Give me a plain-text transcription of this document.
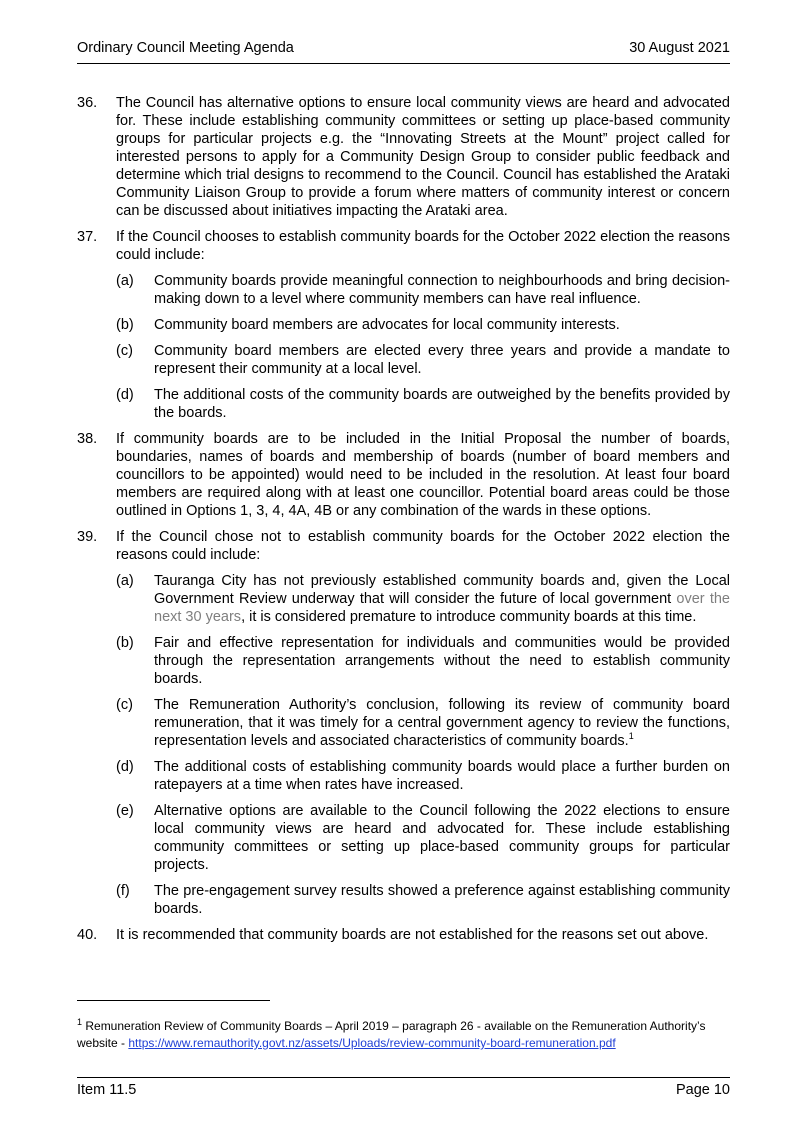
Ordinary Council Meeting Agenda	30 August 2021
36.	The Council has alternative options to ensure local community views are heard and advocated for. These include establishing community committees or setting up place-based community groups for particular projects e.g. the “Innovating Streets at the Mount” project called for interested persons to apply for a Community Design Group to consider public feedback and determine which trial designs to recommend to the Council. Council has established the Arataki Community Liaison Group to provide a forum where matters of community interest or concern can be discussed about initiatives impacting the Arataki area.

37.	If the Council chooses to establish community boards for the October 2022 election the reasons could include:

(a)	Community boards provide meaningful connection to neighbourhoods and bring decision-making down to a level where community members can have real influence.
(b)	Community board members are advocates for local community interests.
(c)	Community board members are elected every three years and provide a mandate to represent their community at a local level.
(d)	The additional costs of the community boards are outweighed by the benefits provided by the boards.
38.	If community boards are to be included in the Initial Proposal the number of boards, boundaries, names of boards and membership of boards (number of board members and councillors to be appointed) would need to be included in the resolution. At least four board members are required along with at least one councillor. Potential board areas could be those outlined in Options 1, 3, 4, 4A, 4B or any combination of the wards in these options.

39.	If the Council chose not to establish community boards for the October 2022 election the reasons could include:

(a)	Tauranga City has not previously established community boards and, given the Local Government Review underway that will consider the future of local government over the next 30 years, it is considered premature to introduce community boards at this time.
(b)	Fair and effective representation for individuals and communities would be provided through the representation arrangements without the need to establish community boards.
(c)	The Remuneration Authority’s conclusion, following its review of community board remuneration, that it was timely for a central government agency to review the functions, representation levels and associated characteristics of community boards.$^1$
(d)	The additional costs of establishing community boards would place a further burden on ratepayers at a time when rates have increased.
(e)	Alternative options are available to the Council following the 2022 elections to ensure local community views are heard and advocated for. These include establishing community committees or setting up place-based community groups for particular projects.
(f)	The pre-engagement survey results showed a preference against establishing community boards.
40.	It is recommended that community boards are not established for the reasons set out above.

$^1$ Remuneration Review of Community Boards – April 2019 – paragraph 26 - available on the Remuneration Authority’s website - https://www.remauthority.govt.nz/assets/Uploads/review-community-board-remuneration.pdf
Item 11.5	Page 10
